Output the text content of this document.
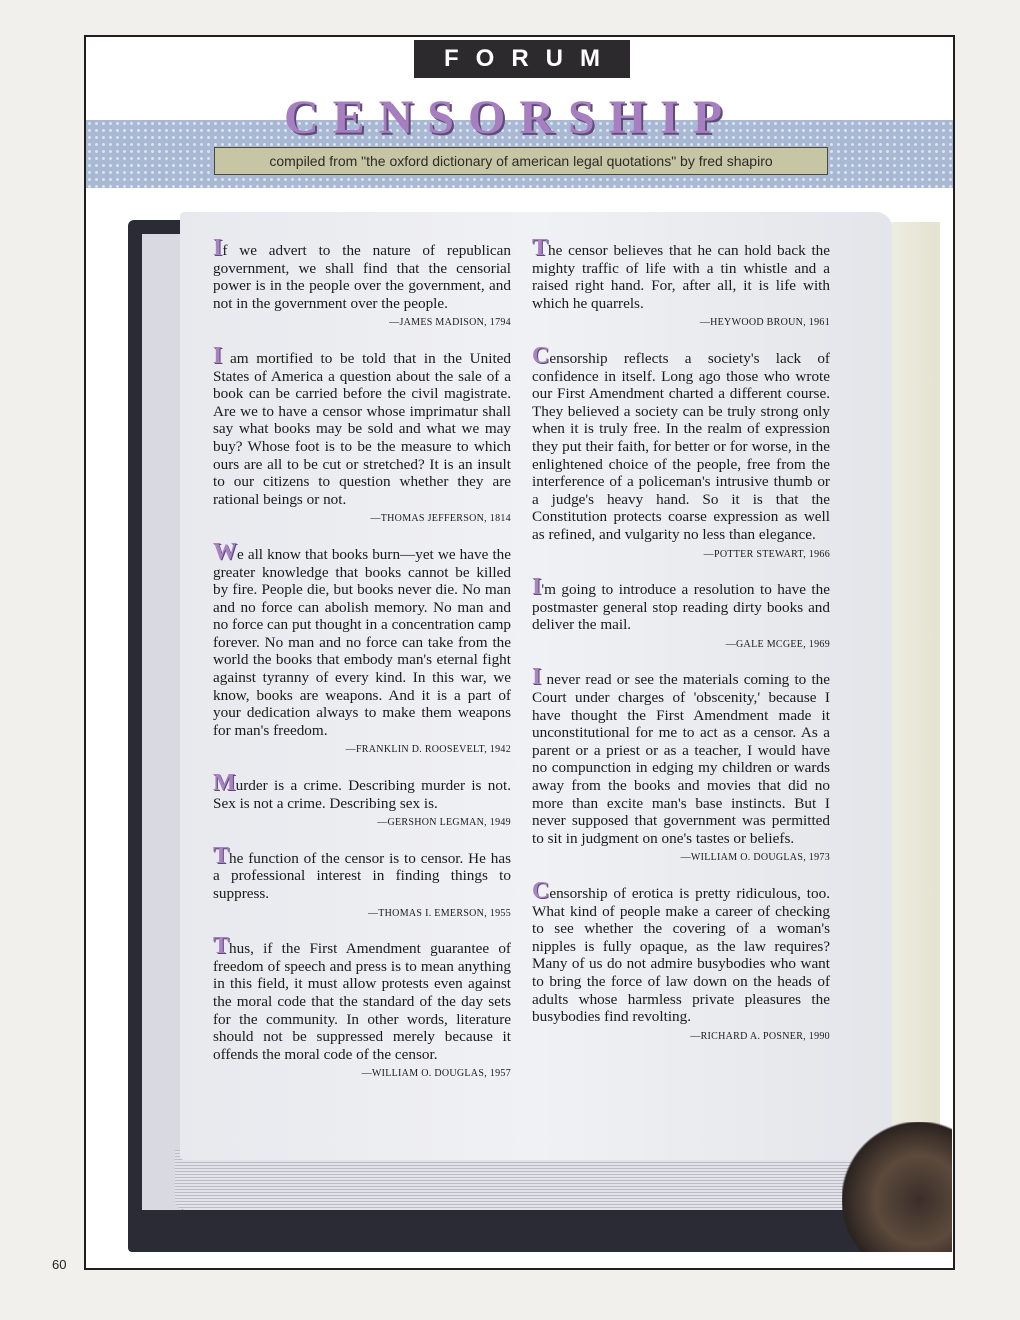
FORUM
CENSORSHIP
compiled from "the oxford dictionary of american legal quotations" by fred shapiro

If we advert to the nature of republican government, we shall find that the censorial power is in the people over the government, and not in the government over the people.

—JAMES MADISON, 1794

I am mortified to be told that in the United States of America a question about the sale of a book can be carried before the civil magistrate. Are we to have a censor whose imprimatur shall say what books may be sold and what we may buy? Whose foot is to be the measure to which ours are all to be cut or stretched? It is an insult to our citizens to question whether they are rational beings or not.

—THOMAS JEFFERSON, 1814

We all know that books burn—yet we have the greater knowledge that books cannot be killed by fire. People die, but books never die. No man and no force can abolish memory. No man and no force can put thought in a concentration camp forever. No man and no force can take from the world the books that embody man's eternal fight against tyranny of every kind. In this war, we know, books are weapons. And it is a part of your dedication always to make them weapons for man's freedom.

—FRANKLIN D. ROOSEVELT, 1942

Murder is a crime. Describing murder is not. Sex is not a crime. Describing sex is.

—GERSHON LEGMAN, 1949

The function of the censor is to censor. He has a professional interest in finding things to suppress.

—THOMAS I. EMERSON, 1955

Thus, if the First Amendment guarantee of freedom of speech and press is to mean anything in this field, it must allow protests even against the moral code that the standard of the day sets for the community. In other words, literature should not be suppressed merely because it offends the moral code of the censor.

—WILLIAM O. DOUGLAS, 1957

The censor believes that he can hold back the mighty traffic of life with a tin whistle and a raised right hand. For, after all, it is life with which he quarrels.

—HEYWOOD BROUN, 1961

Censorship reflects a society's lack of confidence in itself. Long ago those who wrote our First Amendment charted a different course. They believed a society can be truly strong only when it is truly free. In the realm of expression they put their faith, for better or for worse, in the enlightened choice of the people, free from the interference of a policeman's intrusive thumb or a judge's heavy hand. So it is that the Constitution protects coarse expression as well as refined, and vulgarity no less than elegance.

—POTTER STEWART, 1966

I'm going to introduce a resolution to have the postmaster general stop reading dirty books and deliver the mail.

—GALE MCGEE, 1969

I never read or see the materials coming to the Court under charges of 'obscenity,' because I have thought the First Amendment made it unconstitutional for me to act as a censor. As a parent or a priest or as a teacher, I would have no compunction in edging my children or wards away from the books and movies that did no more than excite man's base instincts. But I never supposed that government was permitted to sit in judgment on one's tastes or beliefs.

—WILLIAM O. DOUGLAS, 1973

Censorship of erotica is pretty ridiculous, too. What kind of people make a career of checking to see whether the covering of a woman's nipples is fully opaque, as the law requires? Many of us do not admire busybodies who want to bring the force of law down on the heads of adults whose harmless private pleasures the busybodies find revolting.

—RICHARD A. POSNER, 1990
60
